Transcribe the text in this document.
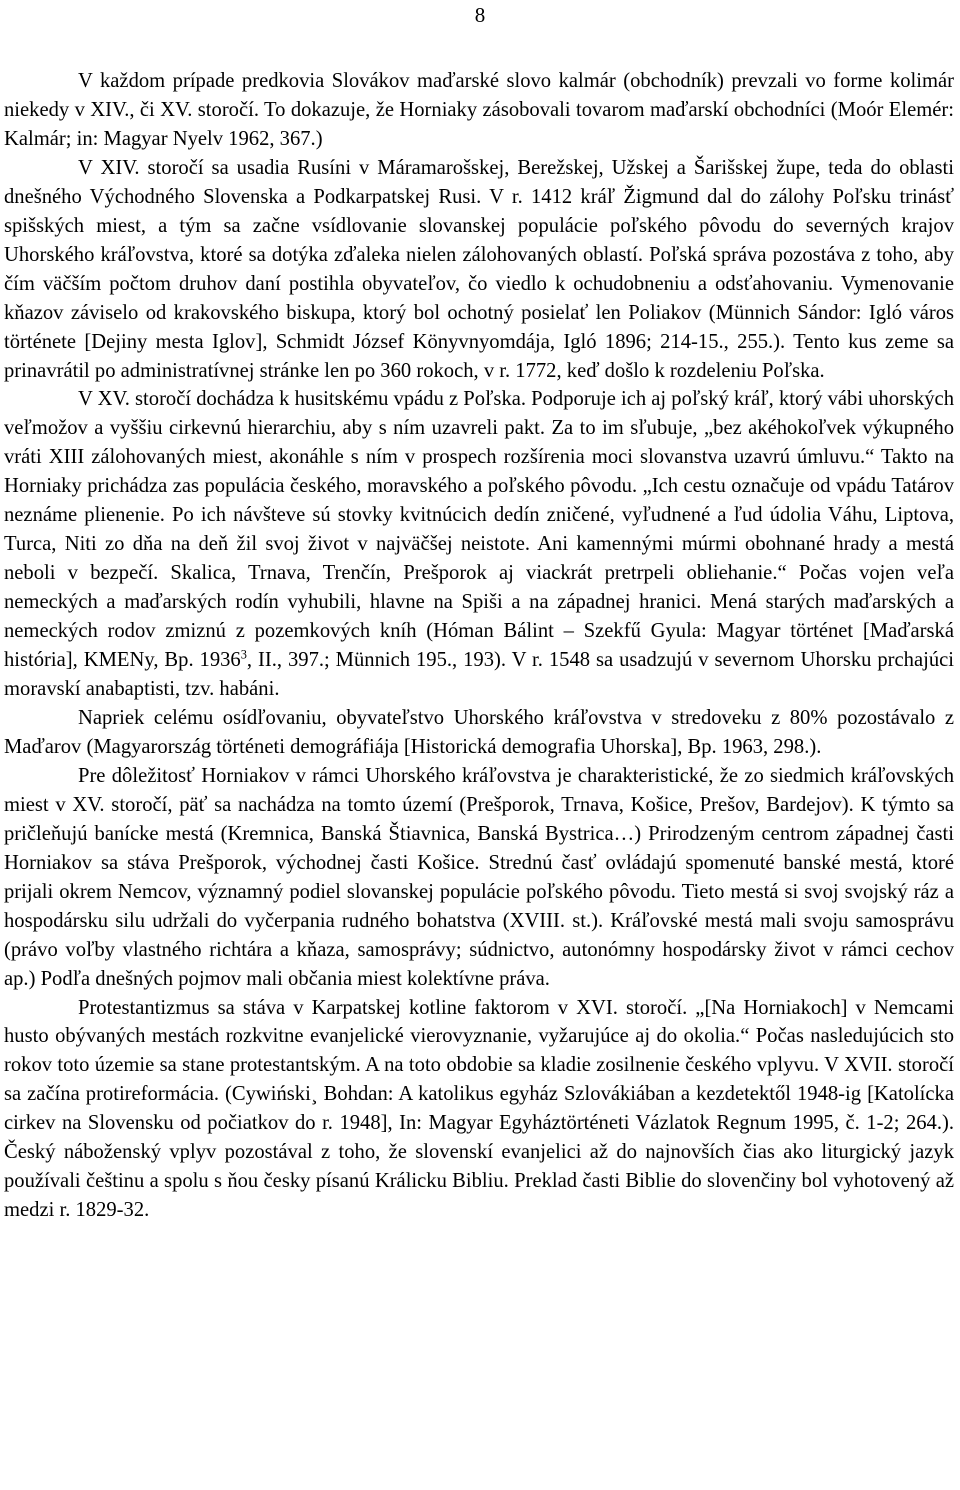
8

V každom prípade predkovia Slovákov maďarské slovo kalmár (obchodník) prevzali vo forme kolimár niekedy v XIV., či XV. storočí. To dokazuje, že Horniaky zásobovali tovarom maďarskí obchodníci (Moór Elemér: Kalmár; in: Magyar Nyelv 1962, 367.)

V XIV. storočí sa usadia Rusíni v Máramarošskej, Berežskej, Užskej a Šarišskej župe, teda do oblasti dnešného Východného Slovenska a Podkarpatskej Rusi. V r. 1412 kráľ Žigmund dal do zálohy Poľsku trinásť spišských miest, a tým sa začne vsídlovanie slovanskej populácie poľského pôvodu do severných krajov Uhorského kráľovstva, ktoré sa dotýka zďaleka nielen zálohovaných oblastí. Poľská správa pozostáva z toho, aby čím väčším počtom druhov daní postihla obyvateľov, čo viedlo k ochudobneniu a odsťahovaniu. Vymenovanie kňazov záviselo od krakovského biskupa, ktorý bol ochotný posielať len Poliakov (Münnich Sándor: Igló város története [Dejiny mesta Iglov], Schmidt József Könyvnyomdája, Igló 1896; 214-15., 255.). Tento kus zeme sa prinavrátil po administratívnej stránke len po 360 rokoch, v r. 1772, keď došlo k rozdeleniu Poľska.

V XV. storočí dochádza k husitskému vpádu z Poľska. Podporuje ich aj poľský kráľ, ktorý vábi uhorských veľmožov a vyššiu cirkevnú hierarchiu, aby s ním uzavreli pakt. Za to im sľubuje, „bez akéhokoľvek výkupného vráti XIII zálohovaných miest, akonáhle s ním v prospech rozšírenia moci slovanstva uzavrú úmluvu.“ Takto na Horniaky prichádza zas populácia českého, moravského a poľského pôvodu. „Ich cestu označuje od vpádu Tatárov neznáme plienenie. Po ich návšteve sú stovky kvitnúcich dedín zničené, vyľudnené a ľud údolia Váhu, Liptova, Turca, Niti zo dňa na deň žil svoj život v najväčšej neistote. Ani kamennými múrmi obohnané hrady a mestá neboli v bezpečí. Skalica, Trnava, Trenčín, Prešporok aj viackrát pretrpeli obliehanie.“ Počas vojen veľa nemeckých a maďarských rodín vyhubili, hlavne na Spiši a na západnej hranici. Mená starých maďarských a nemeckých rodov zmiznú z pozemkových kníh (Hóman Bálint – Szekfű Gyula: Magyar történet [Maďarská história], KMENy, Bp. 1936$^3$, II., 397.; Münnich 195., 193). V r. 1548 sa usadzujú v severnom Uhorsku prchajúci moravskí anabaptisti, tzv. habáni.

Napriek celému osídľovaniu, obyvateľstvo Uhorského kráľovstva v stredoveku z 80% pozostávalo z Maďarov (Magyarország történeti demográfiája [Historická demografia Uhorska], Bp. 1963, 298.).

Pre dôležitosť Horniakov v rámci Uhorského kráľovstva je charakteristické, že zo siedmich kráľovských miest v XV. storočí, päť sa nachádza na tomto území (Prešporok, Trnava, Košice, Prešov, Bardejov). K týmto sa pričleňujú banícke mestá (Kremnica, Banská Štiavnica, Banská Bystrica…) Prirodzeným centrom západnej časti Horniakov sa stáva Prešporok, východnej časti Košice. Strednú časť ovládajú spomenuté banské mestá, ktoré prijali okrem Nemcov, významný podiel slovanskej populácie poľského pôvodu. Tieto mestá si svoj svojský ráz a hospodársku silu udržali do vyčerpania rudného bohatstva (XVIII. st.). Kráľovské mestá mali svoju samosprávu (právo voľby vlastného richtára a kňaza, samosprávy; súdnictvo, autonómny hospodársky život v rámci cechov ap.) Podľa dnešných pojmov mali občania miest kolektívne práva.

Protestantizmus sa stáva v Karpatskej kotline faktorom v XVI. storočí. „[Na Horniakoch] v Nemcami husto obývaných mestách rozkvitne evanjelické vierovyznanie, vyžarujúce aj do okolia.“ Počas nasledujúcich sto rokov toto územie sa stane protestantským. A na toto obdobie sa kladie zosilnenie českého vplyvu. V XVII. storočí sa začína protireformácia. (Cywiński¸ Bohdan: A katolikus egyház Szlovákiában a kezdetektől 1948-ig [Katolícka cirkev na Slovensku od počiatkov do r. 1948], In: Magyar Egyháztörténeti Vázlatok Regnum 1995, č. 1-2; 264.). Český náboženský vplyv pozostával z toho, že slovenskí evanjelici až do najnovších čias ako liturgický jazyk používali češtinu a spolu s ňou česky písanú Králicku Bibliu. Preklad časti Biblie do slovenčiny bol vyhotovený až medzi r. 1829-32.
